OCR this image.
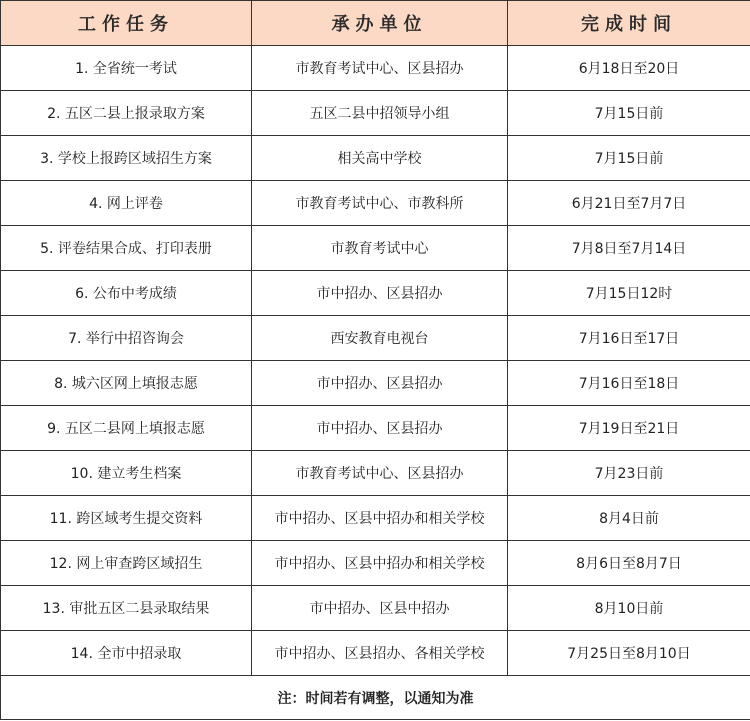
工作任务	承办单位	完成时间
1. 全省统一考试	市教育考试中心、区县招办	6月18日至20日
2. 五区二县上报录取方案	五区二县中招领导小组	7月15日前
3. 学校上报跨区域招生方案	相关高中学校	7月15日前
4. 网上评卷	市教育考试中心、市教科所	6月21日至7月7日
5. 评卷结果合成、打印表册	市教育考试中心	7月8日至7月14日
6. 公布中考成绩	市中招办、区县招办	7月15日12时
7. 举行中招咨询会	西安教育电视台	7月16日至17日
8. 城六区网上填报志愿	市中招办、区县招办	7月16日至18日
9. 五区二县网上填报志愿	市中招办、区县招办	7月19日至21日
10. 建立考生档案	市教育考试中心、区县招办	7月23日前
11. 跨区域考生提交资料	市中招办、区县中招办和相关学校	8月4日前
12. 网上审查跨区域招生	市中招办、区县中招办和相关学校	8月6日至8月7日
13. 审批五区二县录取结果	市中招办、区县中招办	8月10日前
14. 全市中招录取	市中招办、区县招办、各相关学校	7月25日至8月10日
注：时间若有调整，以通知为准		
